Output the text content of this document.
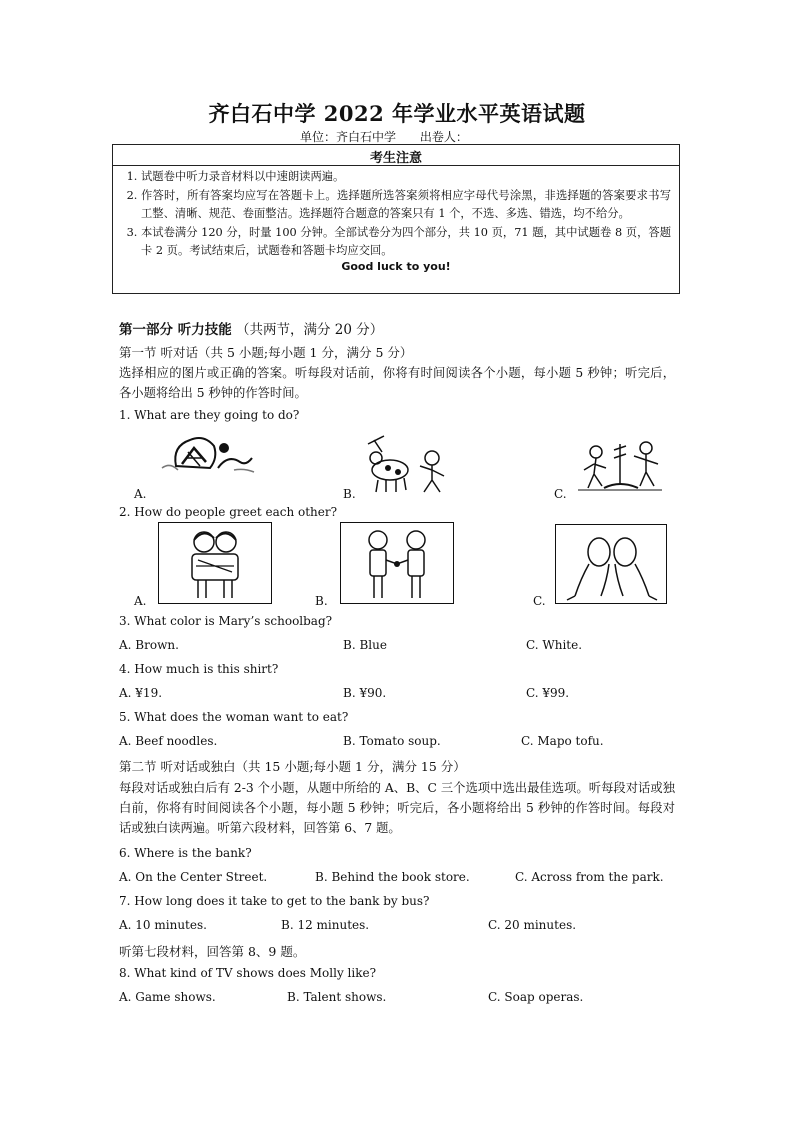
齐白石中学 2022 年学业水平英语试题
单位：齐白石中学 出卷人：
考生注意
1. 试题卷中听力录音材料以中速朗读两遍。
2. 作答时，所有答案均应写在答题卡上。选择题所选答案须将相应字母代号涂黑，非选择题的答案要求书写工整、清晰、规范、卷面整洁。选择题符合题意的答案只有 1 个，不选、多选、错选，均不给分。
3. 本试卷满分 120 分，时量 100 分钟。全部试卷分为四个部分，共 10 页，71 题，其中试题卷 8 页，答题卡 2 页。考试结束后，试题卷和答题卡均应交回。
Good luck to you!
第一部分 听力技能 （共两节，满分 20 分）
第一节 听对话（共 5 小题;每小题 1 分，满分 5 分）
选择相应的图片或正确的答案。听每段对话前，你将有时间阅读各个小题，每小题 5 秒钟；听完后，各小题将给出 5 秒钟的作答时间。
1. What are they going to do?
A.	B.	C.
2. How do people greet each other?
A.	B.	C.
3. What color is Mary’s schoolbag?
A. Brown.	B. Blue	C. White.
4. How much is this shirt?
A. ¥19.	B. ¥90.	C. ¥99.
5. What does the woman want to eat?
A. Beef noodles.	B. Tomato soup.	C. Mapo tofu.
第二节 听对话或独白（共 15 小题;每小题 1 分，满分 15 分）
每段对话或独白后有 2-3 个小题，从题中所给的 A、B、C 三个选项中选出最佳选项。听每段对话或独白前，你将有时间阅读各个小题，每小题 5 秒钟；听完后，各小题将给出 5 秒钟的作答时间。每段对话或独白读两遍。听第六段材料，回答第 6、7 题。
6. Where is the bank?
A. On the Center Street.	B. Behind the book store.	C. Across from the park.
7. How long does it take to get to the bank by bus?
A. 10 minutes.	B. 12 minutes.	C. 20 minutes.
听第七段材料，回答第 8、9 题。
8. What kind of TV shows does Molly like?
A. Game shows.	B. Talent shows.	C. Soap operas.
